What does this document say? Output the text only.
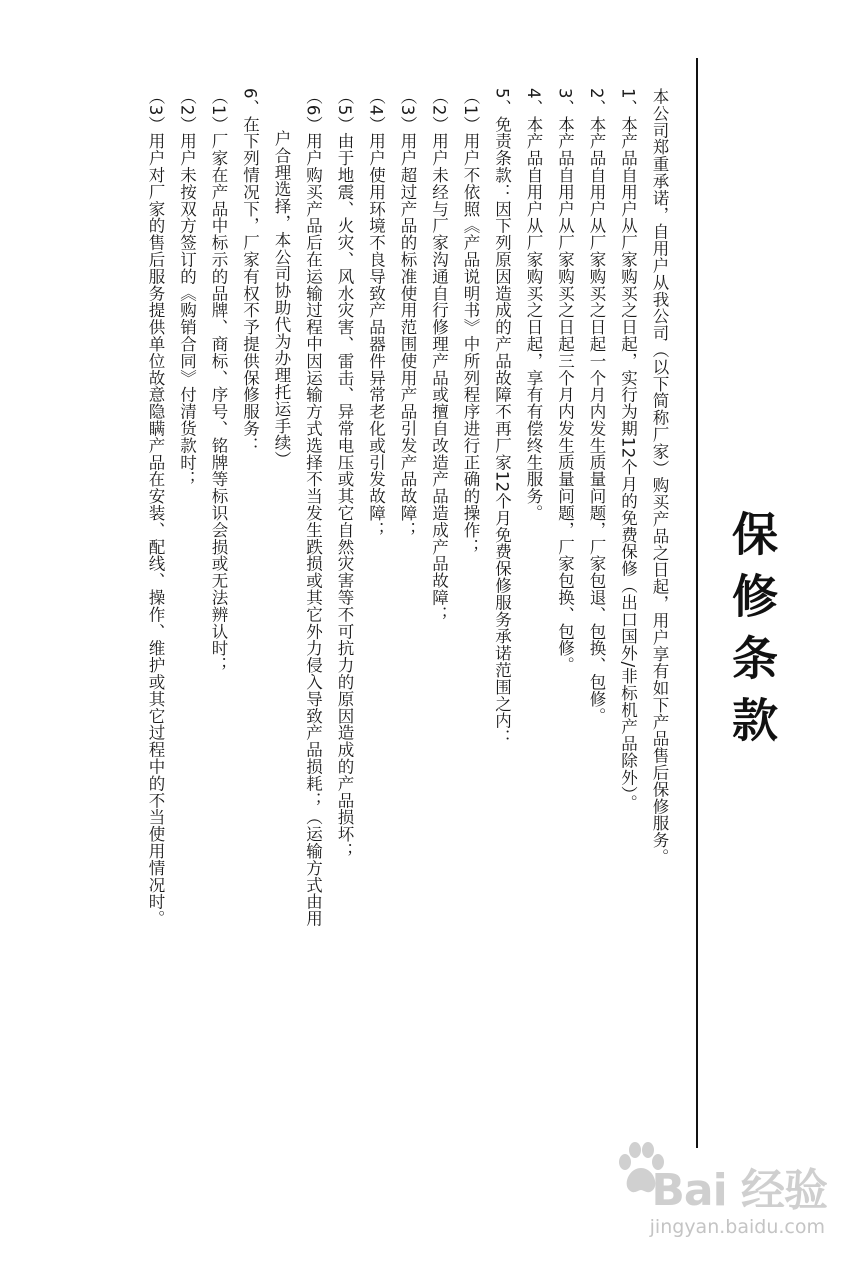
保修条款
本公司郑重承诺，自用户从我公司（以下简称厂家）购买产品之日起，用户享有如下产品售后保修服务。
1、本产品自用户从厂家购买之日起，实行为期12个月的免费保修（出口国外/非标机产品除外）。
2、本产品自用户从厂家购买之日起一个月内发生质量问题，厂家包退、包换、包修。
3、本产品自用户从厂家购买之日起三个月内发生质量问题，厂家包换、包修。
4、本产品自用户从厂家购买之日起，享有有偿终生服务。
5、免责条款：因下列原因造成的产品故障不再厂家12个月免费保修服务承诺范围之内：
（1）用户不依照《产品说明书》中所列程序进行正确的操作；
（2）用户未经与厂家沟通自行修理产品或擅自改造产品造成产品故障；
（3）用户超过产品的标准使用范围使用产品引发产品故障；
（4）用户使用环境不良导致产品器件异常老化或引发故障；
（5）由于地震、火灾、风水灾害、雷击、异常电压或其它自然灾害等不可抗力的原因造成的产品损坏；
（6）用户购买产品后在运输过程中因运输方式选择不当发生跌损或其它外力侵入导致产品损耗；（运输方式由用
户合理选择，本公司协助代为办理托运手续）
6、在下列情况下，厂家有权不予提供保修服务：
（1）厂家在产品中标示的品牌、商标、序号、铭牌等标识会损或无法辨认时；
（2）用户未按双方签订的《购销合同》付清货款时；
（3）用户对厂家的售后服务提供单位故意隐瞒产品在安装、配线、操作、维护或其它过程中的不当使用情况时。
Bai 经验
jingyan.baidu.com
